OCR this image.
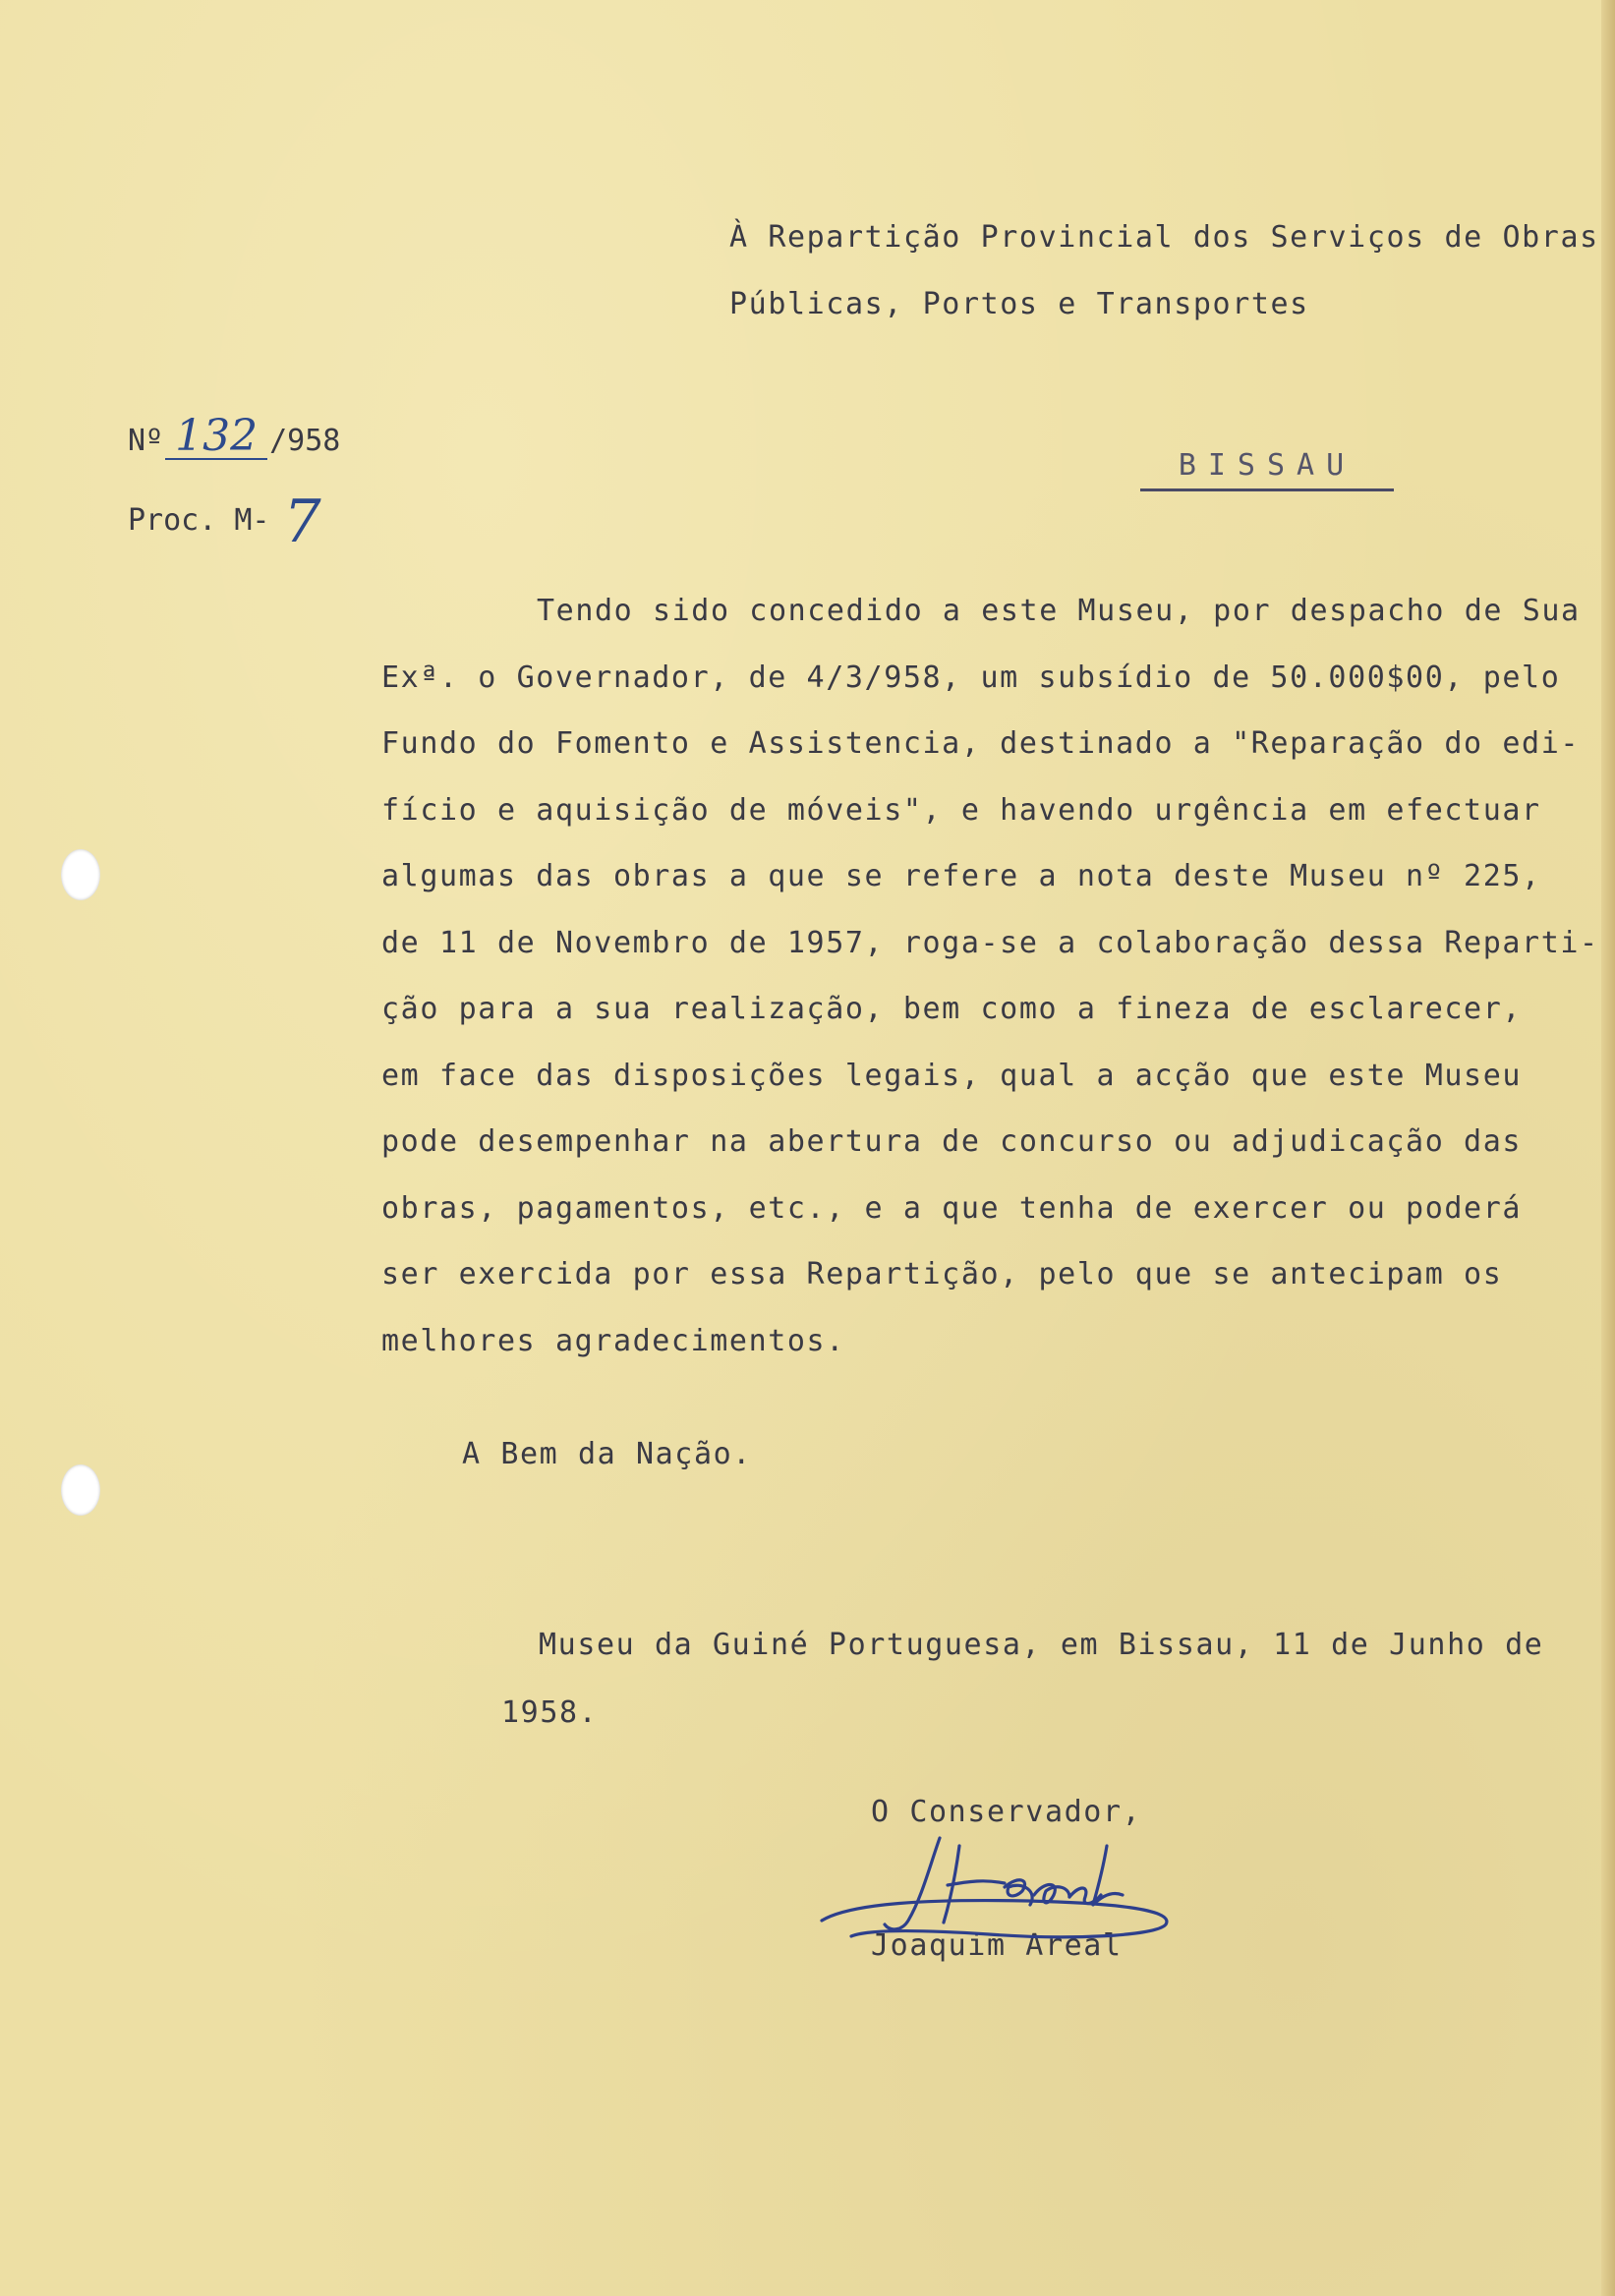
À Repartição Provincial dos Serviços de Obras
Públicas, Portos e Transportes
Nº 132 /958
Proc. M- 7
BISSAU
Tendo sido concedido a este Museu, por despacho de Sua
Exª. o Governador, de 4/3/958, um subsídio de 50.000$00, pelo
Fundo do Fomento e Assistencia, destinado a "Reparação do edi-
fício e aquisição de móveis", e havendo urgência em efectuar
algumas das obras a que se refere a nota deste Museu nº 225,
de 11 de Novembro de 1957, roga-se a colaboração dessa Reparti-
ção para a sua realização, bem como a fineza de esclarecer,
em face das disposições legais, qual a acção que este Museu
pode desempenhar na abertura de concurso ou adjudicação das
obras, pagamentos, etc., e a que tenha de exercer ou poderá
ser exercida por essa Repartição, pelo que se antecipam os
melhores agradecimentos.
A Bem da Nação.
Museu da Guiné Portuguesa, em Bissau, 11 de Junho de
1958.
O Conservador,
Joaquim Areal
